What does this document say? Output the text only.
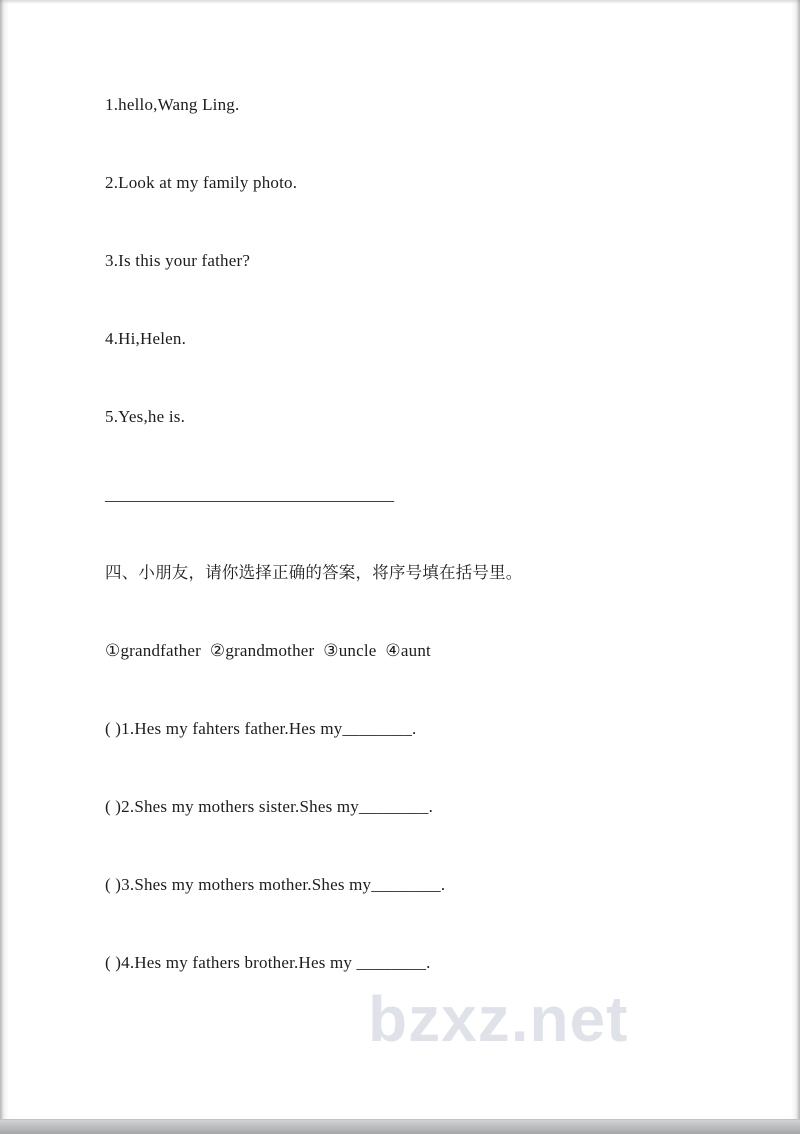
1.hello,Wang Ling.
2.Look at my family photo.
3.Is this your father?
4.Hi,Helen.
5.Yes,he is.
__________________________________
四、小朋友，请你选择正确的答案，将序号填在括号里。
①grandfather  ②grandmother  ③uncle  ④aunt
( )1.Hes my fahters father.Hes my________.
( )2.Shes my mothers sister.Shes my________.
( )3.Shes my mothers mother.Shes my________.
( )4.Hes my fathers brother.Hes my ________.
bzxz.net
